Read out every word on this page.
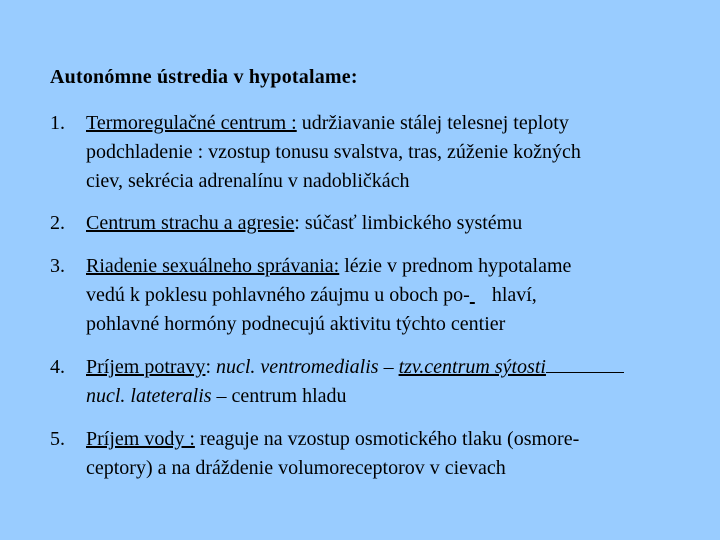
Autonómne ústredia v hypotalame:
1. Termoregulačné centrum : udržiavanie stálej telesnej teploty
podchladenie : vzostup tonusu svalstva, tras, zúženie kožných
ciev, sekrécia adrenalínu v nadobličkách
2. Centrum strachu a agresie: súčasť limbického systému
3. Riadenie sexuálneho správania: lézie v prednom hypotalame
vedú k poklesu pohlavného záujmu u oboch po- hlaví,
pohlavné hormóny podnecujú aktivitu týchto centier
4. Príjem potravy: nucl. ventromedialis – tzv.centrum sýtosti
nucl. lateteralis – centrum hladu
5. Príjem vody : reaguje na vzostup osmotického tlaku (osmore-
ceptory) a na dráždenie volumoreceptorov v cievach
